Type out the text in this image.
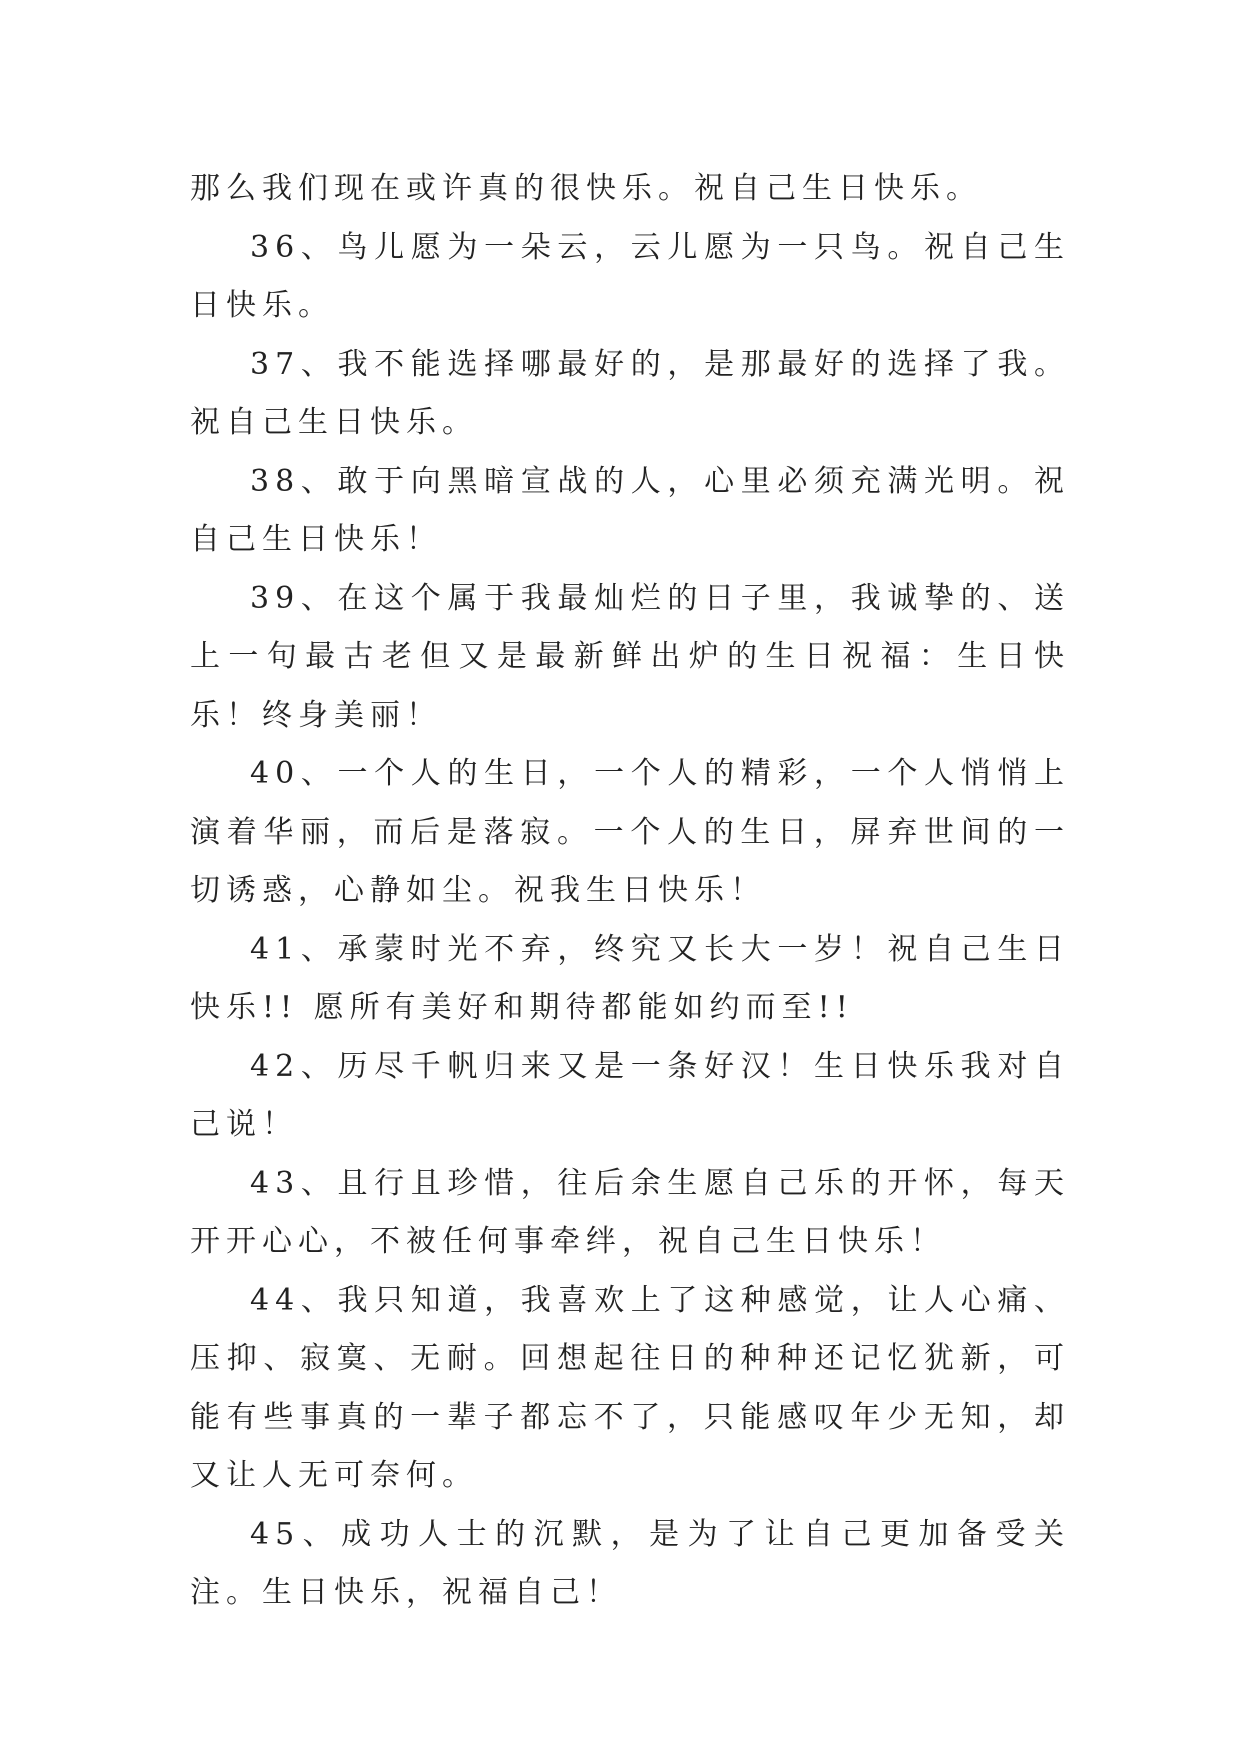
那么我们现在或许真的很快乐。祝自己生日快乐。

36、鸟儿愿为一朵云，云儿愿为一只鸟。祝自己生日快乐。

37、我不能选择哪最好的，是那最好的选择了我。祝自己生日快乐。

38、敢于向黑暗宣战的人，心里必须充满光明。祝自己生日快乐！

39、在这个属于我最灿烂的日子里，我诚挚的、送上一句最古老但又是最新鲜出炉的生日祝福：生日快乐！终身美丽！

40、一个人的生日，一个人的精彩，一个人悄悄上演着华丽，而后是落寂。一个人的生日，屏弃世间的一切诱惑，心静如尘。祝我生日快乐！

41、承蒙时光不弃，终究又长大一岁！祝自己生日快乐!! 愿所有美好和期待都能如约而至!!

42、历尽千帆归来又是一条好汉！生日快乐我对自己说！

43、且行且珍惜，往后余生愿自己乐的开怀，每天开开心心，不被任何事牵绊，祝自己生日快乐！

44、我只知道，我喜欢上了这种感觉，让人心痛、压抑、寂寞、无耐。回想起往日的种种还记忆犹新，可能有些事真的一辈子都忘不了，只能感叹年少无知，却又让人无可奈何。

45、成功人士的沉默，是为了让自己更加备受关注。生日快乐，祝福自己！
